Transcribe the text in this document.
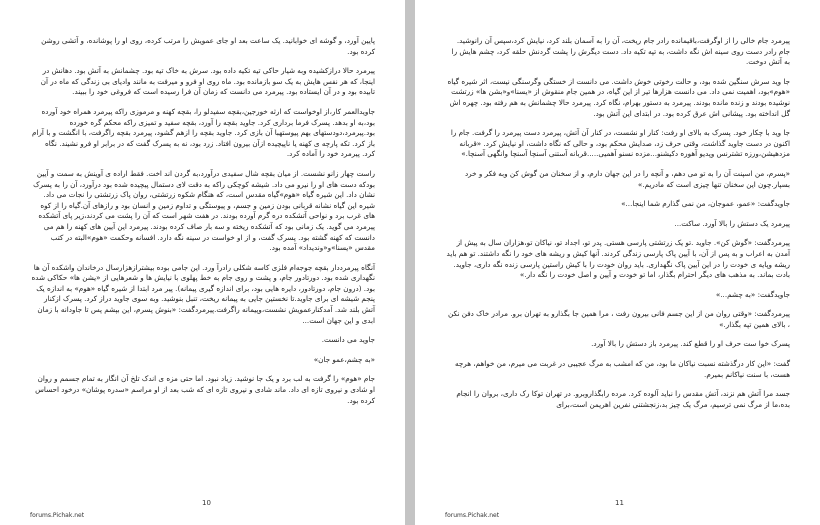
پایین آورد، و گوشه ای خوابانید. یک ساعت بعد او جای عمویش را مرتب کرده، روی او را پوشانده، و آتشی روشن کرده بود.

پیرمرد حالا درازکشیده وبه شیار حاکی تیه تکیه داده بود. سرش به خاک تیه بود. چشمانش به آتش بود. دهانش در اینجا، که هر نفس هایش به یک سو بازمانده بود. ماه روی او فرو و میرفت به مانند وادیای بی زندگی که ماه در آن تابیده بود و در آن ایستاده بود. پیرمرد می دانست که زمان آن فرا رسیده است که فروغی خود را ببیند.

جاویدالعمر کار،از اوخواست که ارثه خورجین،بقچه سفیدلو را، بقچه کهنه و مرموزی راکه پیرمرد همراه خود آورده بود،به او بدهد. پسرک فرما برداری کرد. جاوید بقچه را آورد، بقچه سفید و تمیزی راکه محکم گره خورده بود.پیرمرد،دودستهای بهم پیوستهبا آن بازی کرد. جاوید بقچه را ازهم گشود، پیرمرد بقچه راگرفت، با انگشت و با آرام باز کرد. تکه پارچه ی کهنه یا ناپیچیده ازآن بیرون افتاد. زرد بود، نه به پسرک گفت که در برابر او فرو نشیند. نگاه کرد. پیرمرد خود را آماده کرد.

راست چهار زانو نشست. از میان بقچه شال سفیدی درآورد،به گردن اند اخت. فقط اراده ی آوینش به سمت و آیین بودکه دست های او را نیرو می داد. شیشه کوچکی راکه به دقت لای دستمال پیچیده شده بود درآورد، آن را به پسرک نشان داد. این شیره گیاه «هوم»گیاه مقدس است، که هنگام شکوه زرتشتی، روان پاک زرتشتی را نجات می داد. شیره این گیاه نشانه قربانی بودن زمین و جسم، و پیوستگی و تداوم زمین و انسان بود و رازهای آن.گیاه را از کوه های غرب برد و نواحی آتشکده دره گرم آورده بودند. در هفت شهر است که آن را پشت می کردند،زیر پای آتشکده پیرمرد می گوید. یک زمانی بود که آتشکده ریخته و سه بار صاف کرده بودند. پیرمرد این آیین های کهنه را هم می دانست که کهنه گشته بود. پسرک گفت، و از او خواست در سینه نگه دارد. افسانه وحکمت «هوم»البته در کتب مقدس «یسنا»و«وندیداد» آمده بود.

آنگاه پیرمرددار بقچه جوجه‌ام فلزی کاسه شکلی رادرآ ورد. این جامی بوده بیشترازهزارسال درخاندان واشکده آن ها نگهداری شده بود. دورتادور جام، و پشت و روی جام به خط پهلوی با نیایش ها و شعرهایی از «یشن ها» حکاکی شده بود. (درون جام، دورتادور، دایره هایی بود، برای اندازه گیری پیمانه). پیر مرد ابتدا از شیره گیاه «هوم» به اندازه یک پنجم شیشه ای برای جاوید.تا نخستین جایی به پیمانه ریخت، تنبل بنوشید. وبه سوی جاوید دراز کرد. پسرک ازکنار آتش بلند شد. آمدکنارعمویش نشست،وپیمانه راگرفت.پیرمردگفت: «بنوش پسرم، این بپشم پس تا جاودانه با زمان ابدی و این جهان است...

جاوید می دانست.

«به چشم،عمو جان»

جام «هوم» را گرفت به لب برد و یک جا نوشید. زیاد نبود. اما حتی مزه ی اندک تلخ آن انگار به تمام جسمم و روان او شادی و نیروی تازه ای داد. ماند شادی و نیروی تازه ای که شب بعد از او مراسم «سدره پوشان» درخود احساس کرده بود.

10
forums.Pichak.net

پیرمرد جام خالی را از اوگرفت،باقیمانده رادر جام ریخت، آن را به آسمان بلند کرد، نیایش کرد،سپس آن رانوشید. جام رادر دست روی سینه اش نگه داشت، به تپه تکیه داد. دست دیگرش را پشت گردنش حلقه کرد، چشم هایش را به آتش دوخت.

جا وید سرش سنگین شده بود، و حالت رخوتی خوش داشت. می دانست از خستگی وگرسنگی نیست، اثر شیره گیاه «هوم»بود، اهمیت نمی داد. می دانست هزارها تیر از این گیاه، در همین جام منقوش از «یسنا»و«بشن ها» زرتشت نوشیده بودند و زنده مانده بودند. پیرمرد به دستور بهرام، نگاه کرد. پیرمرد حالا چشمانش به هم رفته بود. چهره اش گل انداخته بود. پیشانی اش عرق کرده بود. در ابتدای این آتش بود.

جا وید با چکار خود. پسرک به بالای او رفت: کنار او نشست، در کنار آن آتش، پیرمرد دست پیرمرد را گرفت. جام را اکنون در دست جاوید گذاشت، وقتی حرف زد، صدایش محکم بود، و حالی که نگاه داشت، او نیایش کرد. «قربانه مزدهیشن،ورزه تشترنس وپدیو آهوره دکیشنو...مزده نسنو آهمیی.....قربانه آستنی آسنچا آسنچا وانگهی آسنچا.»

«پسرم، من اسپنت آن را به تو می دهم، و آنچه را در این جهان دارم، و از سخنان من گوش کن وبه فکر و خرد بسپار.چون این سخنان تنها چیزی است که مادریم.»

جاویدگفت: «عمو، عموجان، من نمی گذارم شما اینجا...»

پیرمرد یک دستش را بالا آورد. ساکت...

پیرمردگفت: «گوش کن». جاوید .تو یک زرتشتی پارسی هستی. پدر تو، اجداد تو، نیاکان تو،هزاران سال به پیش از آمدن به اعراب و به پس از آن، با آیین پاک پارسی زندگی کردند. آنها کیش و ریشه های خود را نگه داشتند. تو هم باید ریشه وپایه ی خودت را در این آیین پاک نگهداری. باید روان خودت را با کیش راستین پارسی زنده نگه داری، جاوید. بادت بماند. به مذهب های دیگر احترام بگذار، اما تو خودت و آیین و اصل خودت را نگه دار.»

جاویدگفت: «به چشم...»

پیرمردگفت: «وقتی روان من از این جسم فانی بیرون رفت ، مرا همین جا بگذارو به تهران برو. مرادر خاک دفن نکن ، بالای همین تپه بگذار.»

پسرک خوا ست حرف او را قطع کند. پیرمرد باز دستش را بالا آورد.

گفت: «این کار درگذشته نسبت نیاکان ما بود، من که امشب به مرگ عجیبی در غربت می میرم، من خواهم، هرچه هست، با سنت نیاکانم بمیرم.

جسد مرا آتش هم نزند، آتش مقدس را نباید آلوده کرد. مرده رابگذاروبرو. در تهران توکا رک داری، بروان را انجام بده،ما از مرگ نمی ترسیم، مرگ یک چیز بد،زنجشتنی نفرین اهریمن است،برای

11
forums.Pichak.net
